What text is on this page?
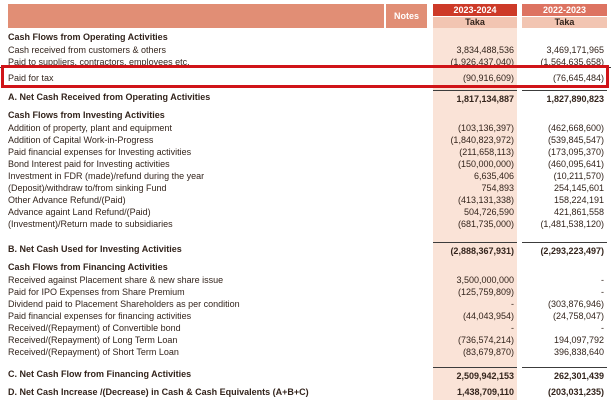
Notes
2023-2024
Taka
2022-2023
Taka
Cash Flows from Operating Activities
Cash received from customers & others	3,834,488,536	3,469,171,965
Paid to suppliers, contractors, employees etc.	(1,926,437,040)	(1,564,635,658)
Paid for tax	(90,916,609)	(76,645,484)
A. Net Cash Received from Operating Activities	1,817,134,887	1,827,890,823
Cash Flows from Investing Activities
Addition of property, plant and equipment	(103,136,397)	(462,668,600)
Addition of Capital Work-in-Progress	(1,840,823,972)	(539,845,547)
Paid financial expenses for Investing activities	(211,658,113)	(173,095,370)
Bond Interest paid for Investing activities	(150,000,000)	(460,095,641)
Investment in FDR (made)/refund during the year	6,635,406	(10,211,570)
(Deposit)/withdraw to/from sinking Fund	754,893	254,145,601
Other Advance Refund/(Paid)	(413,131,338)	158,224,191
Advance againt Land Refund/(Paid)	504,726,590	421,861,558
(Investment)/Return made to subsidiaries	(681,735,000)	(1,481,538,120)
B. Net Cash Used for Investing Activities	(2,888,367,931)	(2,293,223,497)
Cash Flows from Financing Activities
Received against Placement share & new share issue	3,500,000,000	-
Paid for IPO Expenses from Share Premium	(125,759,809)	-
Dividend paid to Placement Shareholders as per condition	-	(303,876,946)
Paid financial expenses for financing activities	(44,043,954)	(24,758,047)
Received/(Repayment) of Convertible bond	-	-
Received/(Repayment) of Long Term Loan	(736,574,214)	194,097,792
Received/(Repayment) of Short Term Loan	(83,679,870)	396,838,640
C. Net Cash Flow from Financing Activities	2,509,942,153	262,301,439
D. Net Cash Increase /(Decrease) in Cash & Cash Equivalents (A+B+C)	1,438,709,110	(203,031,235)
